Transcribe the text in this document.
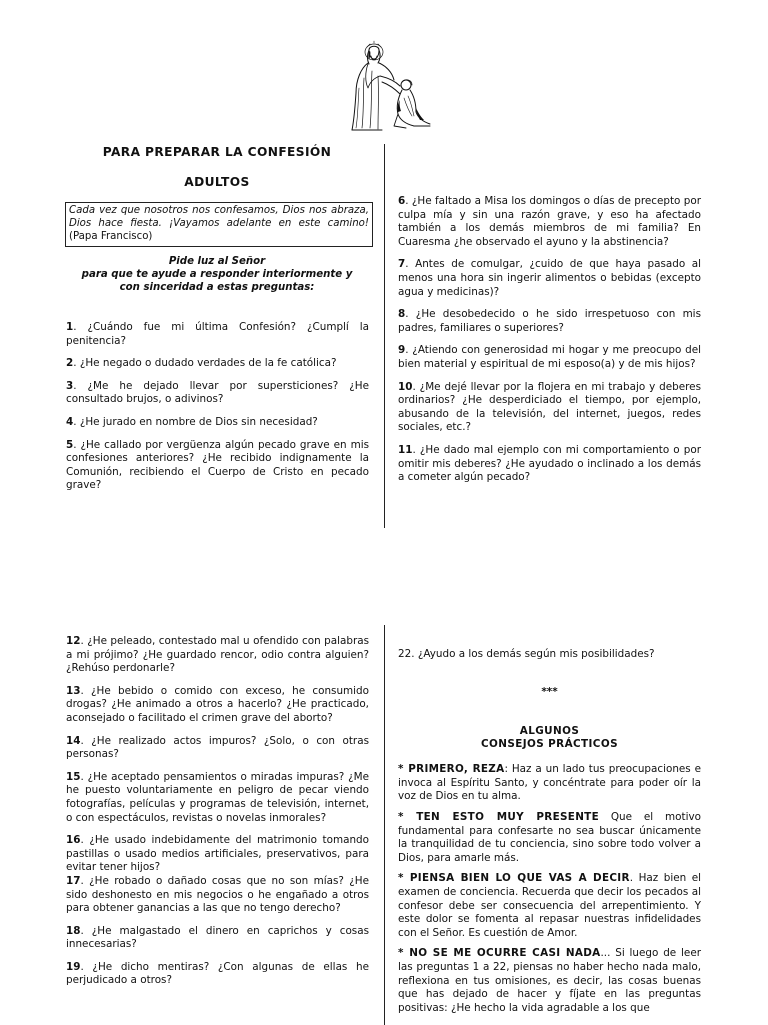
PARA PREPARAR LA CONFESIÓN
ADULTOS
Cada vez que nosotros nos confesamos, Dios nos abraza, Dios hace fiesta. ¡Vayamos adelante en este camino! (Papa Francisco)
Pide luz al Señor
para que te ayude a responder interiormente y
con sinceridad a estas preguntas:

1. ¿Cuándo fue mi última Confesión? ¿Cumplí la penitencia?

2. ¿He negado o dudado verdades de la fe católica?

3. ¿Me he dejado llevar por supersticiones? ¿He consultado brujos, o adivinos?

4. ¿He jurado en nombre de Dios sin necesidad?

5. ¿He callado por vergüenza algún pecado grave en mis confesiones anteriores? ¿He recibido indignamente la Comunión, recibiendo el Cuerpo de Cristo en pecado grave?

6. ¿He faltado a Misa los domingos o días de precepto por culpa mía y sin una razón grave, y eso ha afectado también a los demás miembros de mi familia? En Cuaresma ¿he observado el ayuno y la abstinencia?

7. Antes de comulgar, ¿cuido de que haya pasado al menos una hora sin ingerir alimentos o bebidas (excepto agua y medicinas)?

8. ¿He desobedecido o he sido irrespetuoso con mis padres, familiares o superiores?

9. ¿Atiendo con generosidad mi hogar y me preocupo del bien material y espiritual de mi esposo(a) y de mis hijos?

10. ¿Me dejé llevar por la flojera en mi trabajo y deberes ordinarios? ¿He desperdiciado el tiempo, por ejemplo, abusando de la televisión, del internet, juegos, redes sociales, etc.?

11. ¿He dado mal ejemplo con mi comportamiento o por omitir mis deberes? ¿He ayudado o inclinado a los demás a cometer algún pecado?

12. ¿He peleado, contestado mal u ofendido con palabras a mi prójimo? ¿He guardado rencor, odio contra alguien? ¿Rehúso perdonarle?

13. ¿He bebido o comido con exceso, he consumido drogas? ¿He animado a otros a hacerlo? ¿He practicado, aconsejado o facilitado el crimen grave del aborto?

14. ¿He realizado actos impuros? ¿Solo, o con otras personas?

15. ¿He aceptado pensamientos o miradas impuras? ¿Me he puesto voluntariamente en peligro de pecar viendo fotografías, películas y programas de televisión, internet, o con espectáculos, revistas o novelas inmorales?

16. ¿He usado indebidamente del matrimonio tomando pastillas o usado medios artificiales, preservativos, para evitar tener hijos?

17. ¿He robado o dañado cosas que no son mías? ¿He sido deshonesto en mis negocios o he engañado a otros para obtener ganancias a las que no tengo derecho?

18. ¿He malgastado el dinero en caprichos y cosas innecesarias?

19. ¿He dicho mentiras? ¿Con algunas de ellas he perjudicado a otros?

22. ¿Ayudo a los demás según mis posibilidades?

***

ALGUNOS
CONSEJOS PRÁCTICOS

* PRIMERO, REZA: Haz a un lado tus preocupaciones e invoca al Espíritu Santo, y concéntrate para poder oír la voz de Dios en tu alma.

* TEN ESTO MUY PRESENTE Que el motivo fundamental para confesarte no sea buscar únicamente la tranquilidad de tu conciencia, sino sobre todo volver a Dios, para amarle más.

* PIENSA BIEN LO QUE VAS A DECIR. Haz bien el examen de conciencia. Recuerda que decir los pecados al confesor debe ser consecuencia del arrepentimiento. Y este dolor se fomenta al repasar nuestras infidelidades con el Señor. Es cuestión de Amor.

* NO SE ME OCURRE CASI NADA... Si luego de leer las preguntas 1 a 22, piensas no haber hecho nada malo, reflexiona en tus omisiones, es decir, las cosas buenas que has dejado de hacer y fíjate en las preguntas positivas: ¿He hecho la vida agradable a los que
